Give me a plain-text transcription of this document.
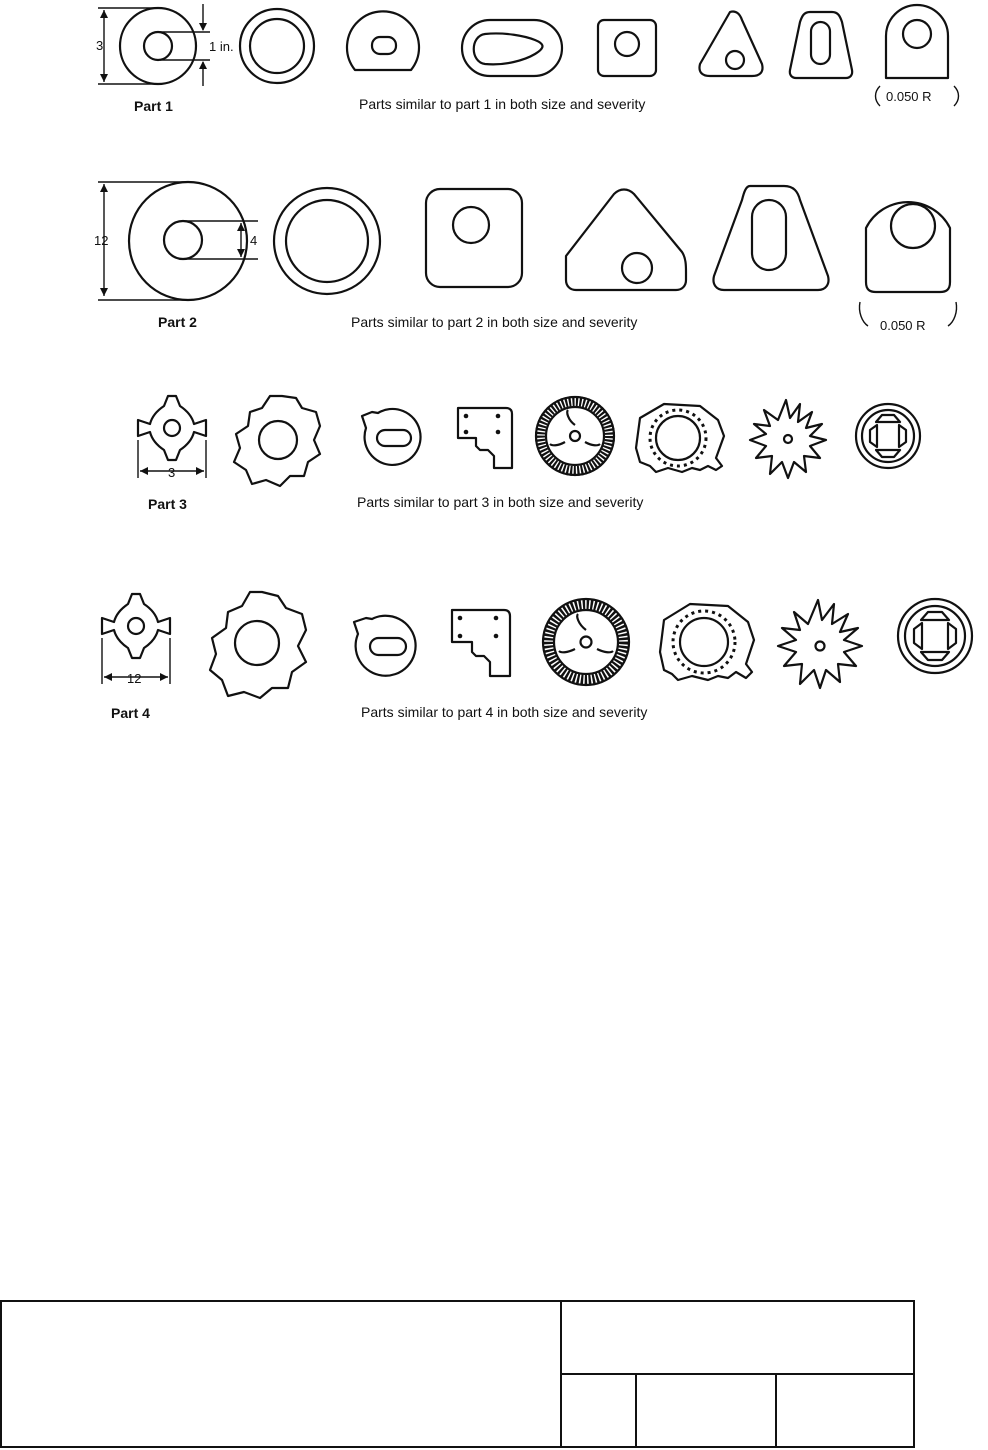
3	1 in.
0.050 R
Part 1	Parts similar to part 1 in both size and severity
12	4
0.050 R
Part 2	Parts similar to part 2 in both size and severity
3
Part 3	Parts similar to part 3 in both size and severity
12
Part 4	Parts similar to part 4 in both size and severity
